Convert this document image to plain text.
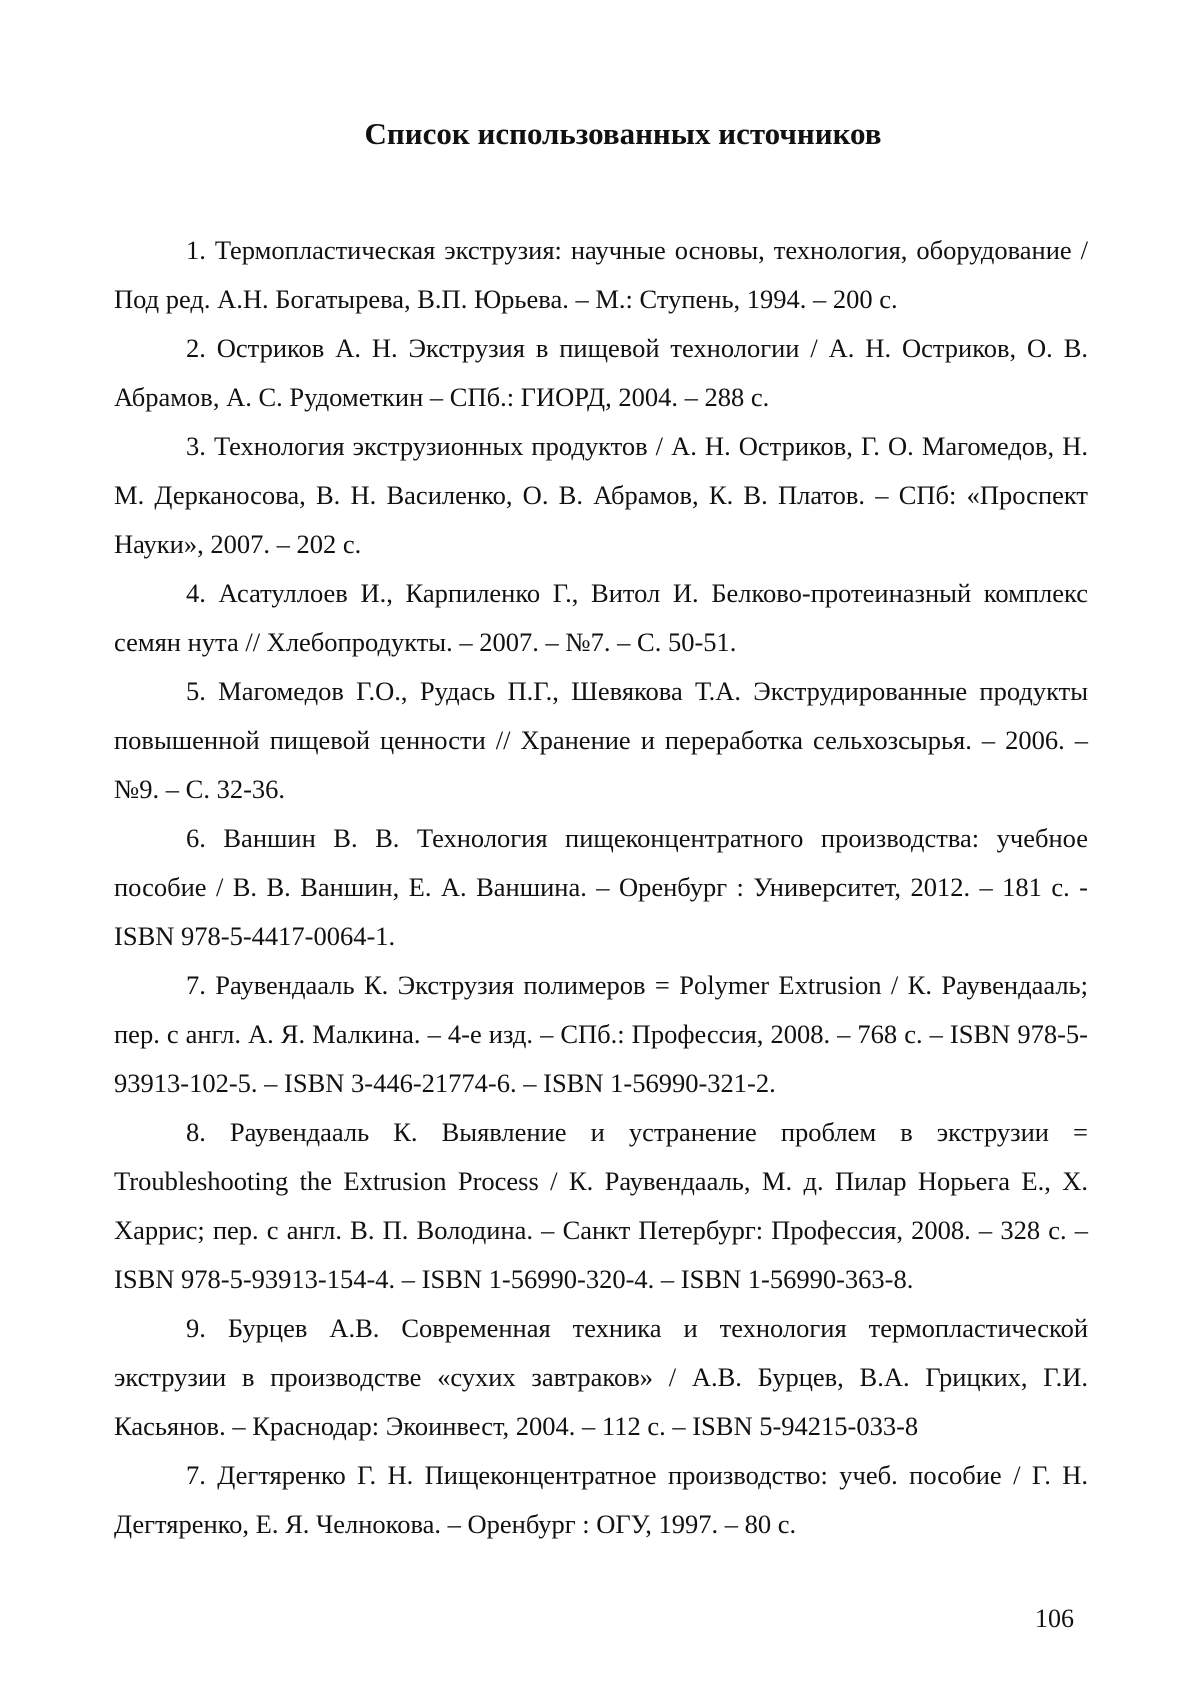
Список использованных источников

1. Термопластическая экструзия: научные основы, технология, оборудование / Под ред. А.Н. Богатырева, В.П. Юрьева. – М.: Ступень, 1994. – 200 с.

2. Остриков А. Н. Экструзия в пищевой технологии / А. Н. Остриков, О. В. Абрамов, А. С. Рудометкин – СПб.: ГИОРД, 2004. – 288 с.

3. Технология экструзионных продуктов / А. Н. Остриков, Г. О. Магомедов, Н. М. Дерканосова, В. Н. Василенко, О. В. Абрамов, К. В. Платов. – СПб: «Проспект Науки», 2007. – 202 с.

4. Асатуллоев И., Карпиленко Г., Витол И. Белково-протеиназный комплекс семян нута // Хлебопродукты. – 2007. – №7. – С. 50-51.

5. Магомедов Г.О., Рудась П.Г., Шевякова Т.А. Экструдированные продукты повышенной пищевой ценности // Хранение и переработка сельхозсырья. – 2006. – №9. – С. 32-36.

6. Ваншин В. В. Технология пищеконцентратного производства: учебное пособие / В. В. Ваншин, Е. А. Ваншина. – Оренбург : Университет, 2012. – 181 с. - ISBN 978-5-4417-0064-1.

7. Раувендааль К. Экструзия полимеров = Polymer Extrusion / К. Раувендааль; пер. с англ. А. Я. Малкина. – 4-е изд. – СПб.: Профессия, 2008. – 768 с. – ISBN 978-5-93913-102-5. – ISBN 3-446-21774-6. – ISBN 1-56990-321-2.

8. Раувендааль К. Выявление и устранение проблем в экструзии = Troubleshooting the Extrusion Process / К. Раувендааль, М. д. Пилар Норьега Е., Х. Харрис; пер. с англ. В. П. Володина. – Санкт Петербург: Профессия, 2008. – 328 с. – ISBN 978-5-93913-154-4. – ISBN 1-56990-320-4. – ISBN 1-56990-363-8.

9. Бурцев А.В. Современная техника и технология термопластической экструзии в производстве «сухих завтраков» / А.В. Бурцев, В.А. Грицких, Г.И. Касьянов. – Краснодар: Экоинвест, 2004. – 112 с. – ISBN 5-94215-033-8

7. Дегтяренко Г. Н. Пищеконцентратное производство: учеб. пособие / Г. Н. Дегтяренко, Е. Я. Челнокова. – Оренбург : ОГУ, 1997. – 80 с.

106
